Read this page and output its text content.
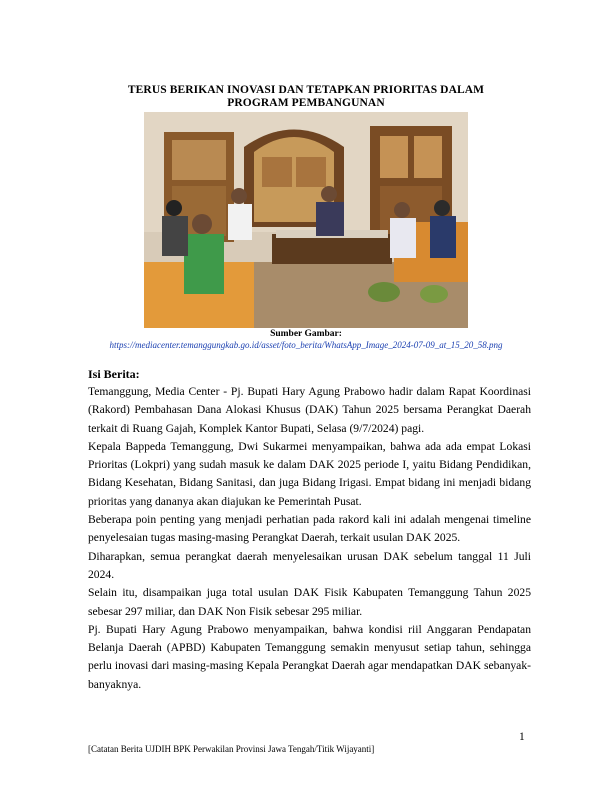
TERUS BERIKAN INOVASI DAN TETAPKAN PRIORITAS DALAM
PROGRAM PEMBANGUNAN
Sumber Gambar:
https://mediacenter.temanggungkab.go.id/asset/foto_berita/WhatsApp_Image_2024-07-09_at_15_20_58.png
Isi Berita:

Temanggung, Media Center - Pj. Bupati Hary Agung Prabowo hadir dalam Rapat Koordinasi (Rakord) Pembahasan Dana Alokasi Khusus (DAK) Tahun 2025 bersama Perangkat Daerah terkait di Ruang Gajah, Komplek Kantor Bupati, Selasa (9/7/2024) pagi.

Kepala Bappeda Temanggung, Dwi Sukarmei menyampaikan, bahwa ada ada empat Lokasi Prioritas (Lokpri) yang sudah masuk ke dalam DAK 2025 periode I, yaitu Bidang Pendidikan, Bidang Kesehatan, Bidang Sanitasi, dan juga Bidang Irigasi. Empat bidang ini menjadi bidang prioritas yang dananya akan diajukan ke Pemerintah Pusat.

Beberapa poin penting yang menjadi perhatian pada rakord kali ini adalah mengenai timeline penyelesaian tugas masing-masing Perangkat Daerah, terkait usulan DAK 2025.

Diharapkan, semua perangkat daerah menyelesaikan urusan DAK sebelum tanggal 11 Juli 2024.

Selain itu, disampaikan juga total usulan DAK Fisik Kabupaten Temanggung Tahun 2025 sebesar 297 miliar, dan DAK Non Fisik sebesar 295 miliar.

Pj. Bupati Hary Agung Prabowo menyampaikan, bahwa kondisi riil Anggaran Pendapatan Belanja Daerah (APBD) Kabupaten Temanggung semakin menyusut setiap tahun, sehingga perlu inovasi dari masing-masing Kepala Perangkat Daerah agar mendapatkan DAK sebanyak-banyaknya.

1
[Catatan Berita UJDIH BPK Perwakilan Provinsi Jawa Tengah/Titik Wijayanti]
